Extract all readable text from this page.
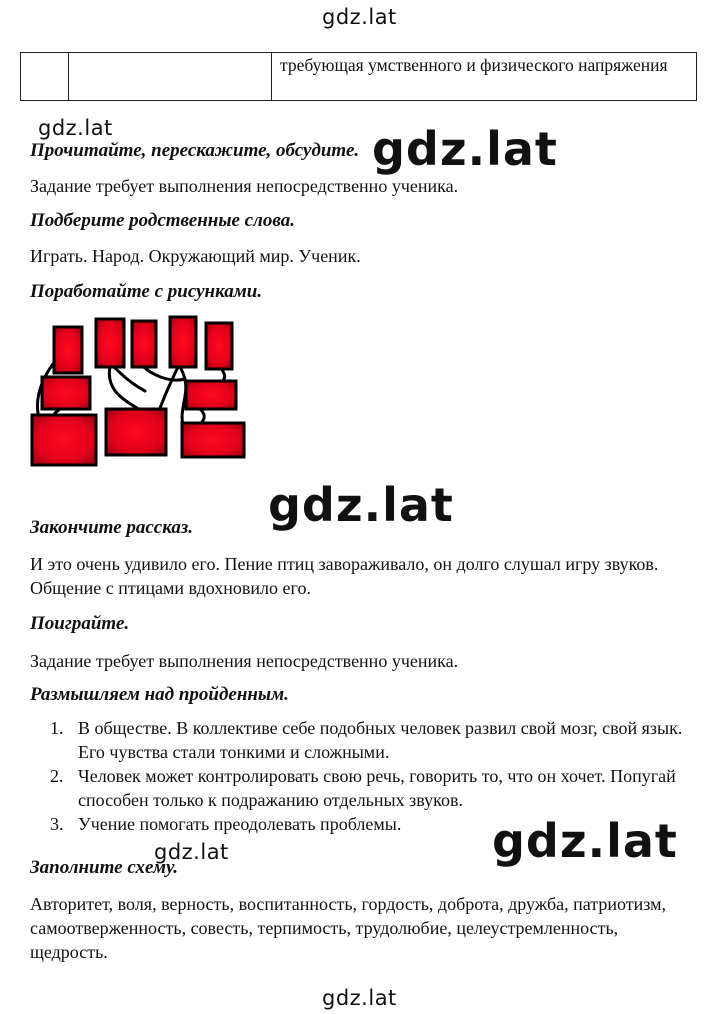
gdz.lat
		требующая умственного и физического напряжения
gdz.lat
Прочитайте, перескажите, обсудите. gdz.lat
Задание требует выполнения непосредственно ученика.
Подберите родственные слова.
Играть. Народ. Окружающий мир. Ученик.
Поработайте с рисунками.
gdz.lat
Закончите рассказ.
И это очень удивило его. Пение птиц завораживало, он долго слушал игру звуков. Общение с птицами вдохновило его.
Поиграйте.
Задание требует выполнения непосредственно ученика.
Размышляем над пройденным.
1. В обществе. В коллективе себе подобных человек развил свой мозг, свой язык. Его чувства стали тонкими и сложными.
2. Человек может контролировать свою речь, говорить то, что он хочет. Попугай способен только к подражанию отдельных звуков.
3. Учение помогать преодолевать проблемы.	gdz.lat
gdz.lat
Заполните схему.
Авторитет, воля, верность, воспитанность, гордость, доброта, дружба, патриотизм, самоотверженность, совесть, терпимость, трудолюбие, целеустремленность, щедрость.
gdz.lat
